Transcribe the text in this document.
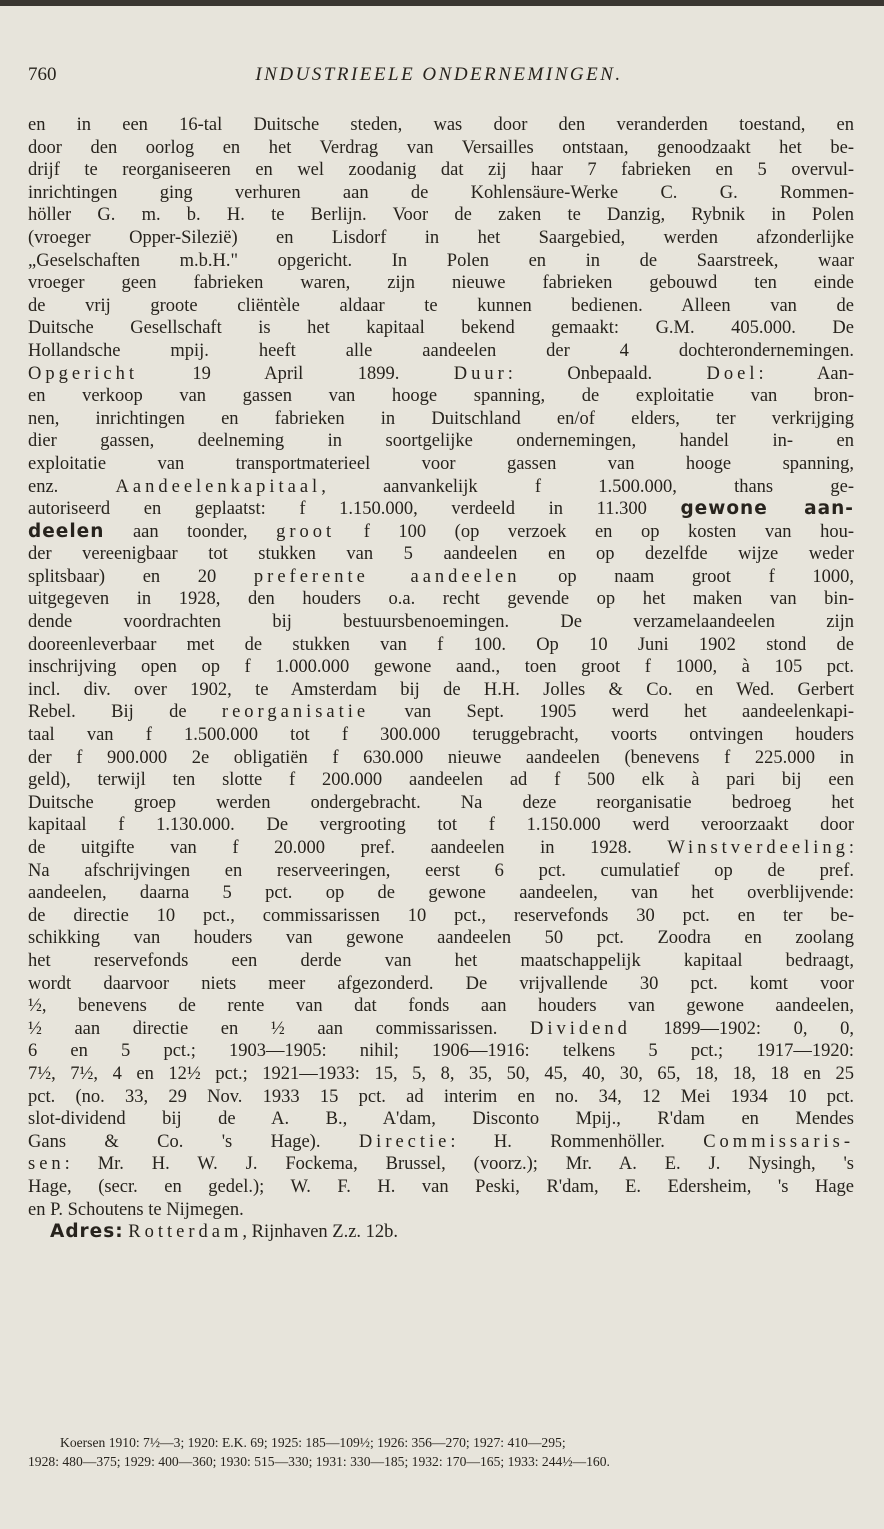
760	INDUSTRIEELE ONDERNEMINGEN.
en in een 16-tal Duitsche steden, was door den veranderden toestand, en
door den oorlog en het Verdrag van Versailles ontstaan, genoodzaakt het be-
drijf te reorganiseeren en wel zoodanig dat zij haar 7 fabrieken en 5 overvul-
inrichtingen ging verhuren aan de Kohlensäure-Werke C. G. Rommen-
höller G. m. b. H. te Berlijn. Voor de zaken te Danzig, Rybnik in Polen
(vroeger Opper-Silezië) en Lisdorf in het Saargebied, werden afzonderlijke
„Geselschaften m.b.H." opgericht. In Polen en in de Saarstreek, waar
vroeger geen fabrieken waren, zijn nieuwe fabrieken gebouwd ten einde
de vrij groote cliëntèle aldaar te kunnen bedienen. Alleen van de
Duitsche Gesellschaft is het kapitaal bekend gemaakt: G.M. 405.000. De
Hollandsche mpij. heeft alle aandeelen der 4 dochterondernemingen.
Opgericht 19 April 1899. Duur: Onbepaald. Doel: Aan-
en verkoop van gassen van hooge spanning, de exploitatie van bron-
nen, inrichtingen en fabrieken in Duitschland en/of elders, ter verkrijging
dier gassen, deelneming in soortgelijke ondernemingen, handel in- en
exploitatie van transportmaterieel voor gassen van hooge spanning,
enz. Aandeelenkapitaal, aanvankelijk f 1.500.000, thans ge-
autoriseerd en geplaatst: f 1.150.000, verdeeld in 11.300 gewone aan-
deelen aan toonder, groot f 100 (op verzoek en op kosten van hou-
der vereenigbaar tot stukken van 5 aandeelen en op dezelfde wijze weder
splitsbaar) en 20 preferente aandeelen op naam groot f 1000,
uitgegeven in 1928, den houders o.a. recht gevende op het maken van bin-
dende voordrachten bij bestuursbenoemingen. De verzamelaandeelen zijn
dooreenleverbaar met de stukken van f 100. Op 10 Juni 1902 stond de
inschrijving open op f 1.000.000 gewone aand., toen groot f 1000, à 105 pct.
incl. div. over 1902, te Amsterdam bij de H.H. Jolles & Co. en Wed. Gerbert
Rebel. Bij de reorganisatie van Sept. 1905 werd het aandeelenkapi-
taal van f 1.500.000 tot f 300.000 teruggebracht, voorts ontvingen houders
der f 900.000 2e obligatiën f 630.000 nieuwe aandeelen (benevens f 225.000 in
geld), terwijl ten slotte f 200.000 aandeelen ad f 500 elk à pari bij een
Duitsche groep werden ondergebracht. Na deze reorganisatie bedroeg het
kapitaal f 1.130.000. De vergrooting tot f 1.150.000 werd veroorzaakt door
de uitgifte van f 20.000 pref. aandeelen in 1928. Winstverdeeling:
Na afschrijvingen en reserveeringen, eerst 6 pct. cumulatief op de pref.
aandeelen, daarna 5 pct. op de gewone aandeelen, van het overblijvende:
de directie 10 pct., commissarissen 10 pct., reservefonds 30 pct. en ter be-
schikking van houders van gewone aandeelen 50 pct. Zoodra en zoolang
het reservefonds een derde van het maatschappelijk kapitaal bedraagt,
wordt daarvoor niets meer afgezonderd. De vrijvallende 30 pct. komt voor
½, benevens de rente van dat fonds aan houders van gewone aandeelen,
½ aan directie en ½ aan commissarissen. Dividend 1899—1902: 0, 0,
6 en 5 pct.; 1903—1905: nihil; 1906—1916: telkens 5 pct.; 1917—1920:
7½, 7½, 4 en 12½ pct.; 1921—1933: 15, 5, 8, 35, 50, 45, 40, 30, 65, 18, 18, 18 en 25
pct. (no. 33, 29 Nov. 1933 15 pct. ad interim en no. 34, 12 Mei 1934 10 pct.
slot-dividend bij de A. B., A'dam, Disconto Mpij., R'dam en Mendes
Gans & Co. 's Hage). Directie: H. Rommenhöller. Commissaris-
sen: Mr. H. W. J. Fockema, Brussel, (voorz.); Mr. A. E. J. Nysingh, 's
Hage, (secr. en gedel.); W. F. H. van Peski, R'dam, E. Edersheim, 's Hage
en P. Schoutens te Nijmegen.
Adres: Rotterdam, Rijnhaven Z.z. 12b.
Koersen 1910: 7½—3; 1920: E.K. 69; 1925: 185—109½; 1926: 356—270; 1927: 410—295;
1928: 480—375; 1929: 400—360; 1930: 515—330; 1931: 330—185; 1932: 170—165; 1933: 244½—160.
